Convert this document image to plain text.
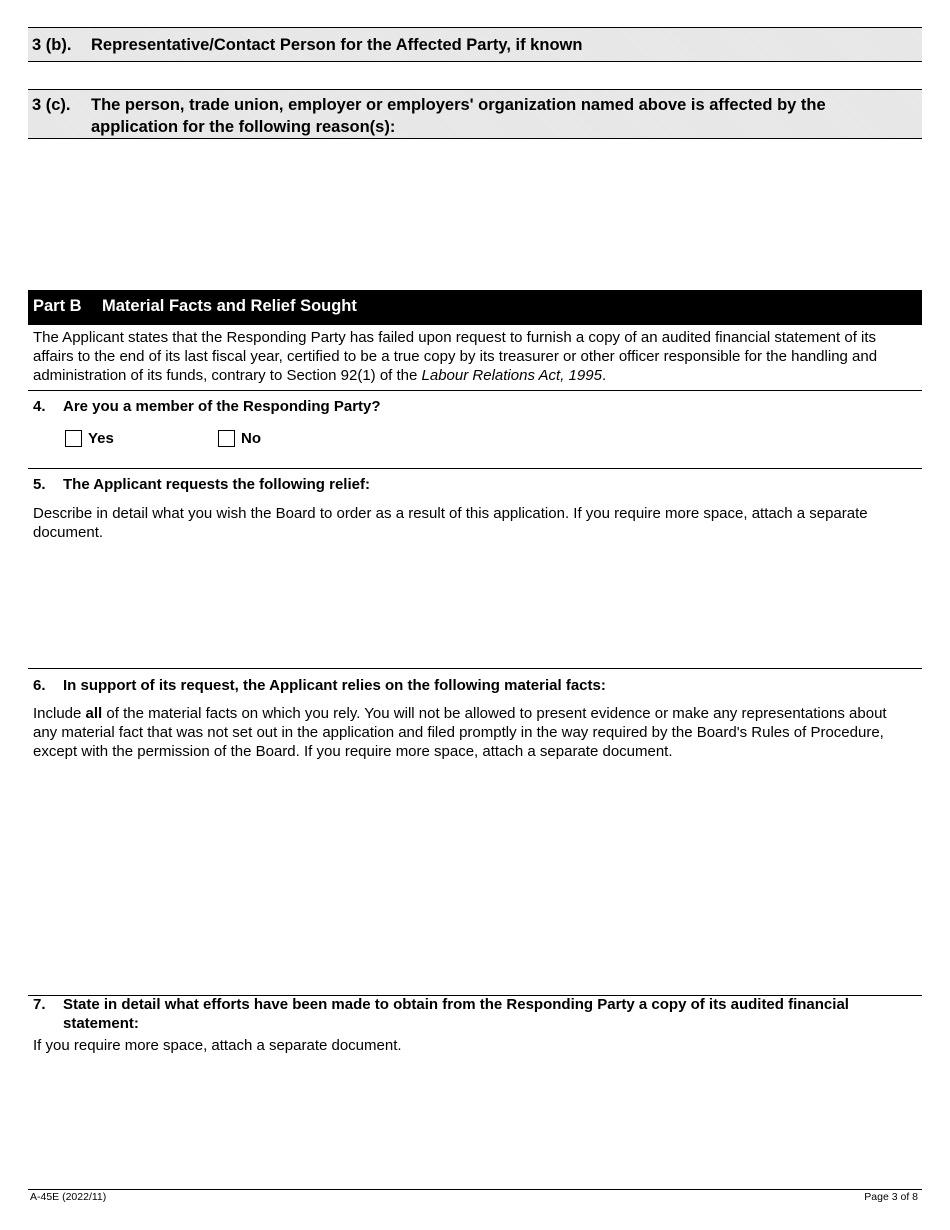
3 (b). Representative/Contact Person for the Affected Party, if known
3 (c). The person, trade union, employer or employers' organization named above is affected by the application for the following reason(s):
Part B Material Facts and Relief Sought
The Applicant states that the Responding Party has failed upon request to furnish a copy of an audited financial statement of its affairs to the end of its last fiscal year, certified to be a true copy by its treasurer or other officer responsible for the handling and administration of its funds, contrary to Section 92(1) of the Labour Relations Act, 1995.
4. Are you a member of the Responding Party?
Yes	No
5. The Applicant requests the following relief:
Describe in detail what you wish the Board to order as a result of this application. If you require more space, attach a separate document.
6. In support of its request, the Applicant relies on the following material facts:
Include all of the material facts on which you rely. You will not be allowed to present evidence or make any representations about any material fact that was not set out in the application and filed promptly in the way required by the Board's Rules of Procedure, except with the permission of the Board. If you require more space, attach a separate document.
7. State in detail what efforts have been made to obtain from the Responding Party a copy of its audited financial statement:
If you require more space, attach a separate document.
A-45E (2022/11)	Page 3 of 8
